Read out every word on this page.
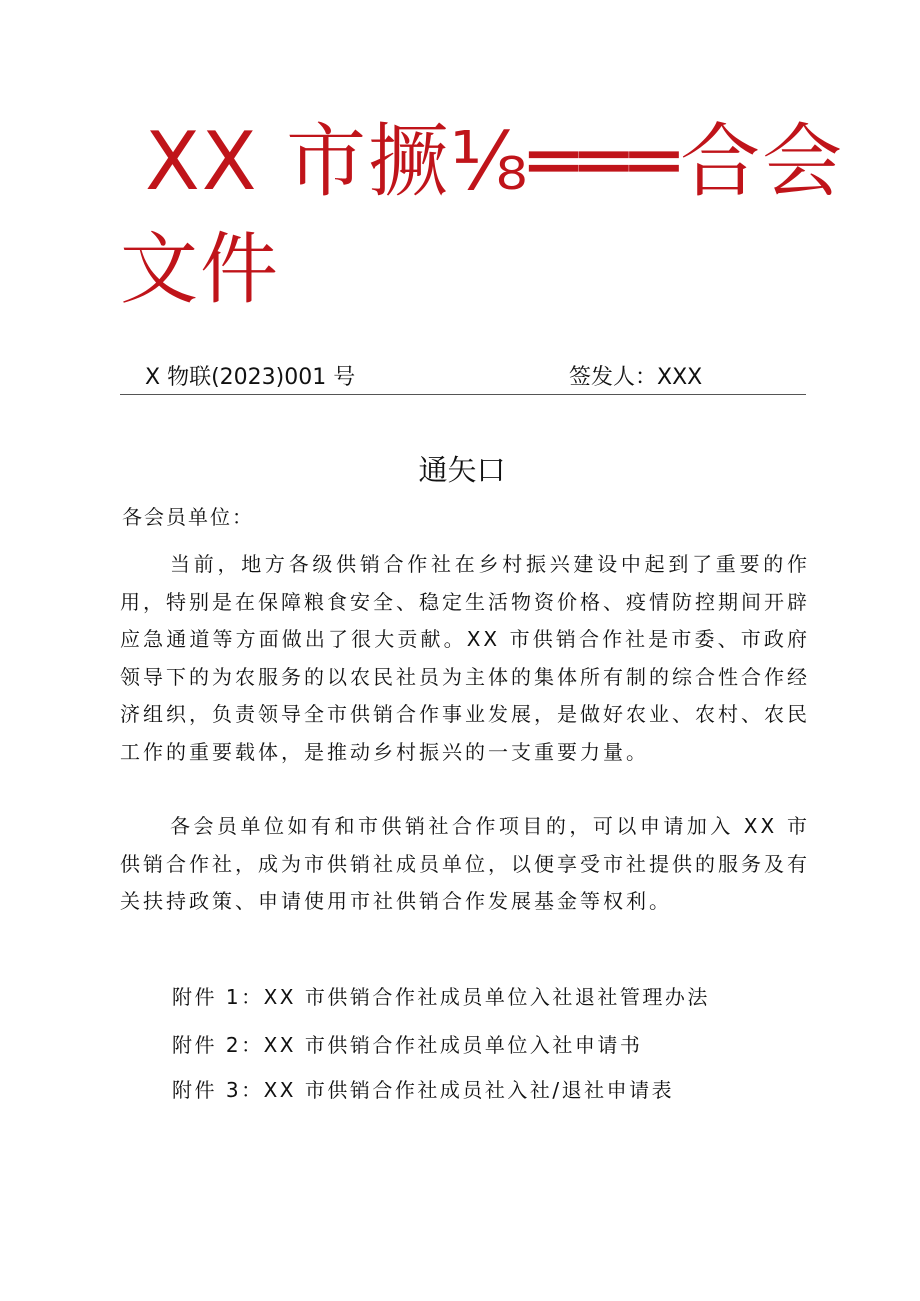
XX 市撅⅛═══合会
文件
X 物联(2023)001 号	签发人：XXX
通矢口
各会员单位：

当前，地方各级供销合作社在乡村振兴建设中起到了重要的作用，特别是在保障粮食安全、稳定生活物资价格、疫情防控期间开辟应急通道等方面做出了很大贡献。XX 市供销合作社是市委、市政府领导下的为农服务的以农民社员为主体的集体所有制的综合性合作经济组织，负责领导全市供销合作事业发展，是做好农业、农村、农民工作的重要载体，是推动乡村振兴的一支重要力量。

各会员单位如有和市供销社合作项目的，可以申请加入 XX 市供销合作社，成为市供销社成员单位，以便享受市社提供的服务及有关扶持政策、申请使用市社供销合作发展基金等权利。

附件 1：XX 市供销合作社成员单位入社退社管理办法
附件 2：XX 市供销合作社成员单位入社申请书
附件 3：XX 市供销合作社成员社入社/退社申请表
